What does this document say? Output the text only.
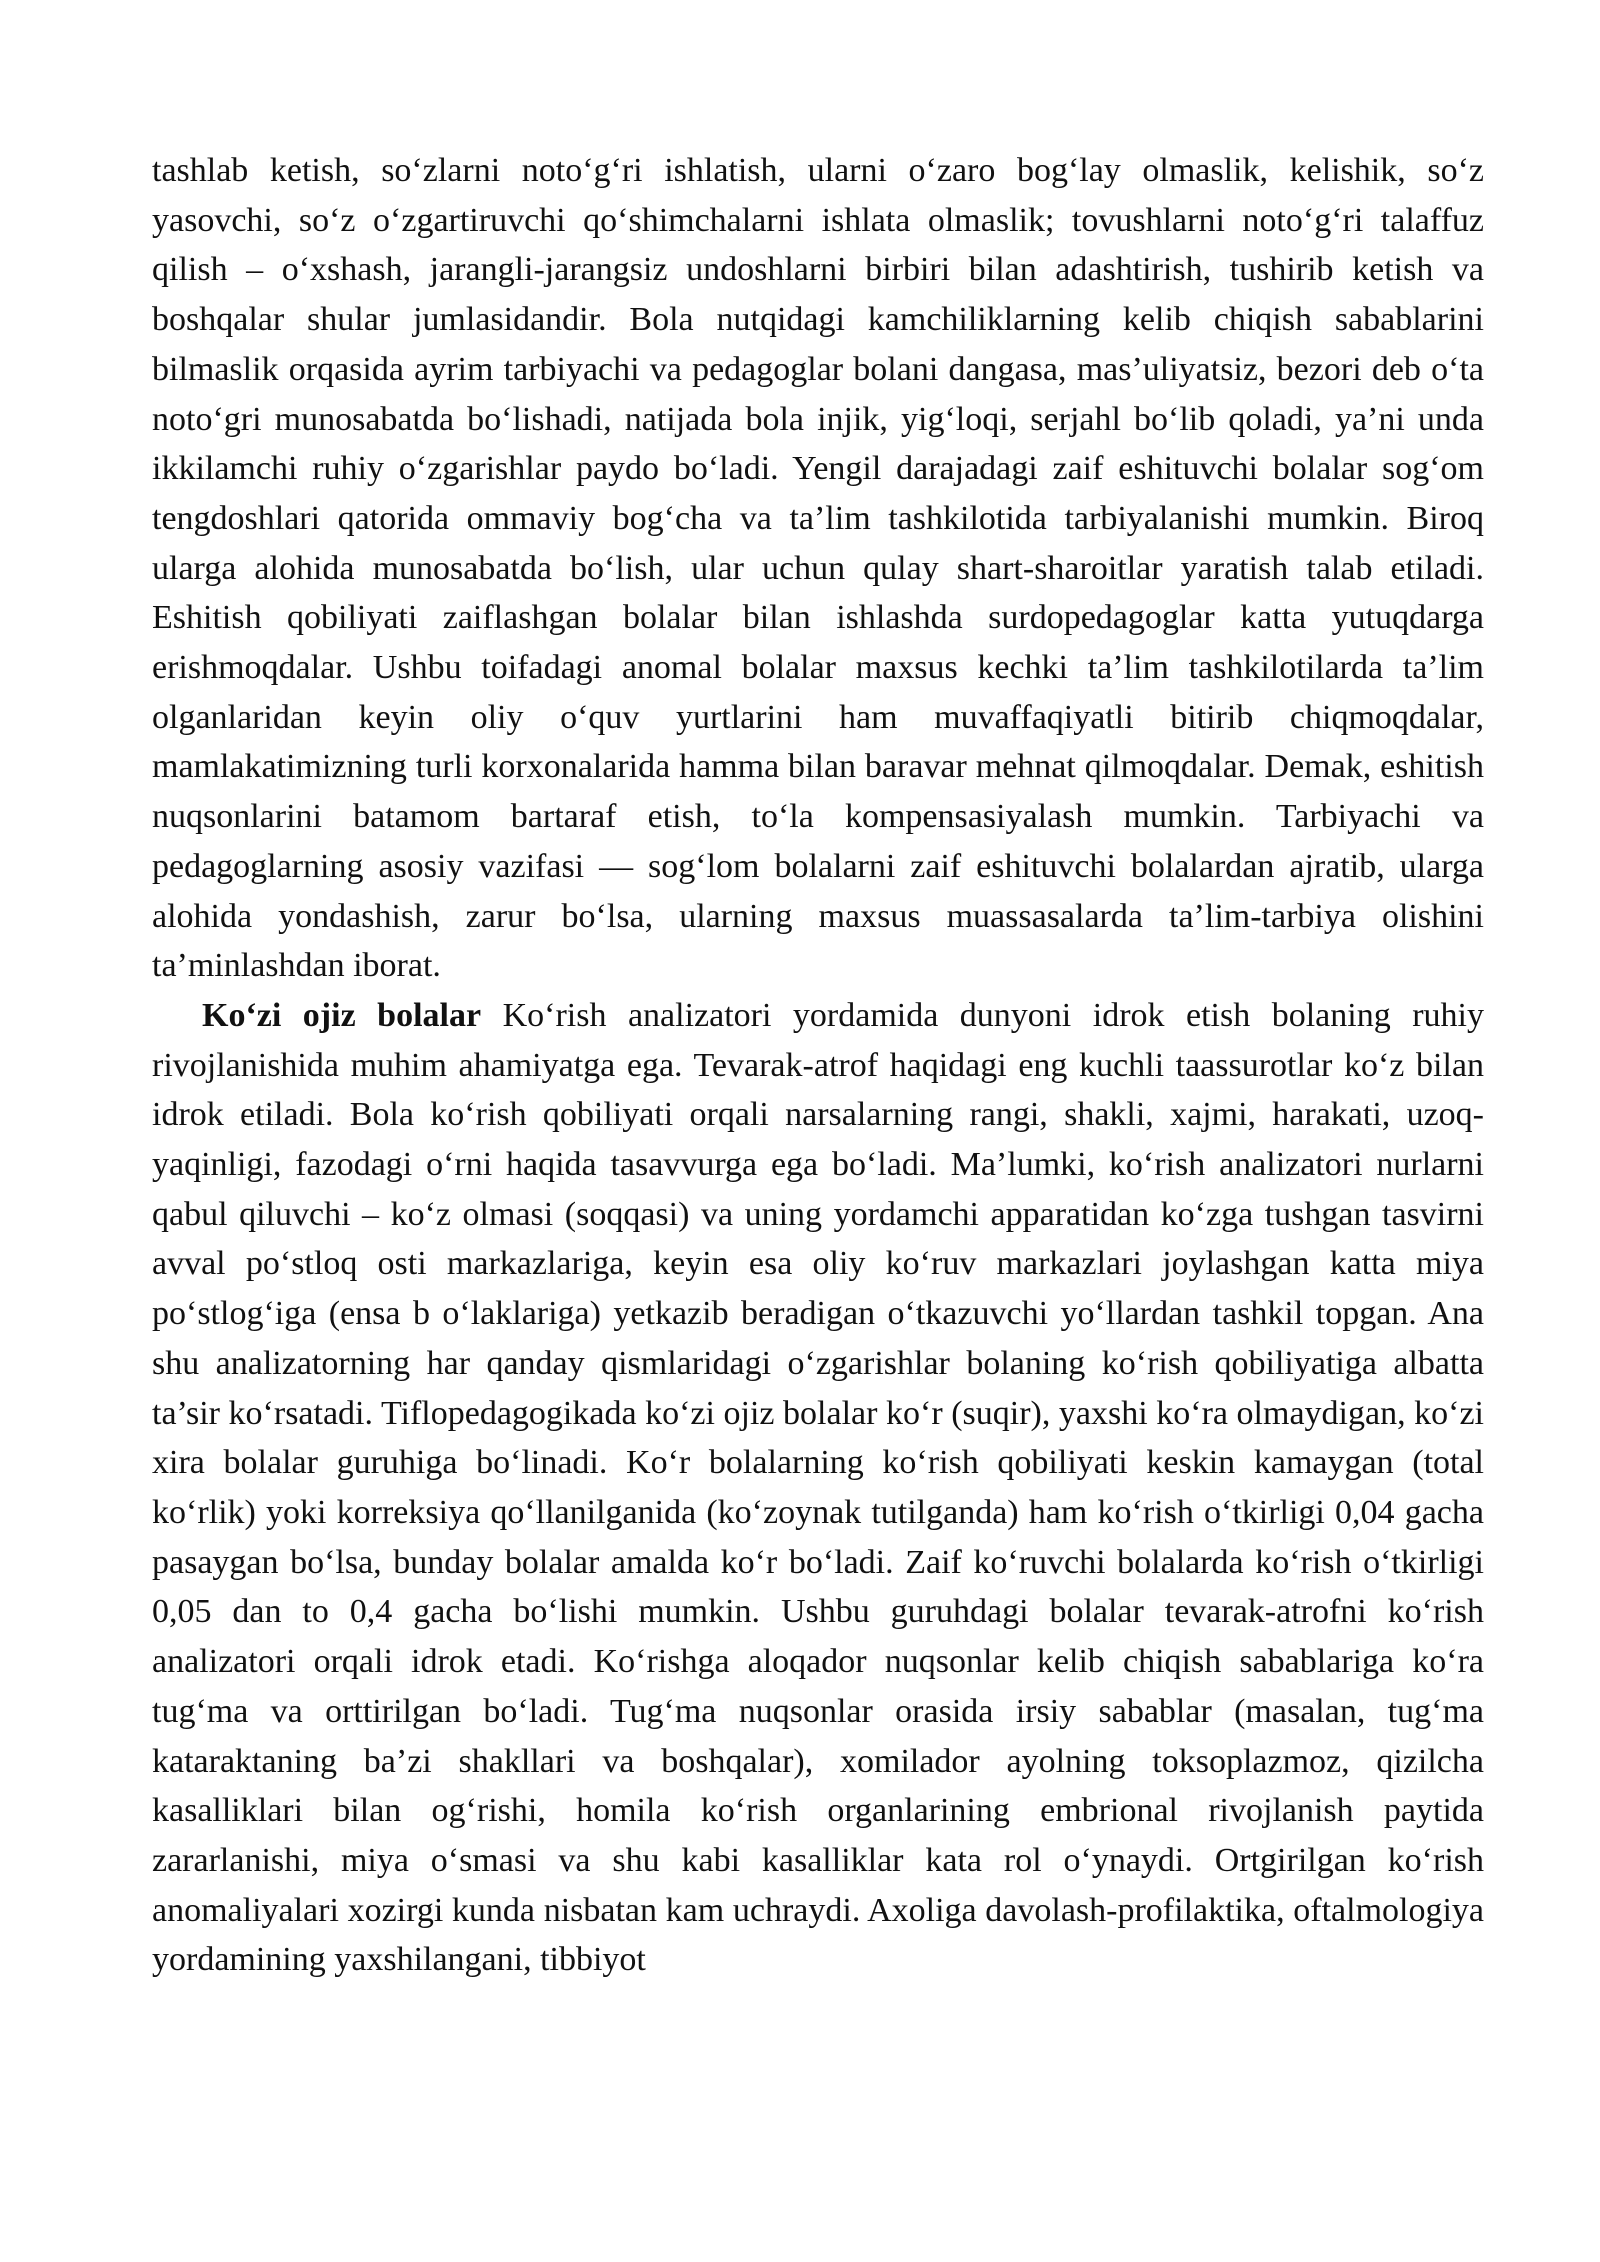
tashlab ketish, so‘zlarni noto‘g‘ri ishlatish, ularni o‘zaro bog‘lay olmaslik, kelishik, so‘z yasovchi, so‘z o‘zgartiruvchi qo‘shimchalarni ishlata olmaslik; tovushlarni noto‘g‘ri talaffuz qilish – o‘xshash, jarangli-jarangsiz undoshlarni birbiri bilan adashtirish, tushirib ketish va boshqalar shular jumlasidandir. Bola nutqidagi kamchiliklarning kelib chiqish sabablarini bilmaslik orqasida ayrim tarbiyachi va pedagoglar bolani dangasa, mas’uliyatsiz, bezori deb o‘ta noto‘gri munosabatda bo‘lishadi, natijada bola injik, yig‘loqi, serjahl bo‘lib qoladi, ya’ni unda ikkilamchi ruhiy o‘zgarishlar paydo bo‘ladi. Yengil darajadagi zaif eshituvchi bolalar sog‘om tengdoshlari qatorida ommaviy bog‘cha va ta’lim tashkilotida tarbiyalanishi mumkin. Biroq ularga alohida munosabatda bo‘lish, ular uchun qulay shart-sharoitlar yaratish talab etiladi. Eshitish qobiliyati zaiflashgan bolalar bilan ishlashda surdopedagoglar katta yutuqdarga erishmoqdalar. Ushbu toifadagi anomal bolalar maxsus kechki ta’lim tashkilotilarda ta’lim olganlaridan keyin oliy o‘quv yurtlarini ham muvaffaqiyatli bitirib chiqmoqdalar, mamlakatimizning turli korxonalarida hamma bilan baravar mehnat qilmoqdalar. Demak, eshitish nuqsonlarini batamom bartaraf etish, to‘la kompensasiyalash mumkin. Tarbiyachi va pedagoglarning asosiy vazifasi — sog‘lom bolalarni zaif eshituvchi bolalardan ajratib, ularga alohida yondashish, zarur bo‘lsa, ularning maxsus muassasalarda ta’lim-tarbiya olishini ta’minlashdan iborat.

Ko‘zi ojiz bolalar Ko‘rish analizatori yordamida dunyoni idrok etish bolaning ruhiy rivojlanishida muhim ahamiyatga ega. Tevarak-atrof haqidagi eng kuchli taassurotlar ko‘z bilan idrok etiladi. Bola ko‘rish qobiliyati orqali narsalarning rangi, shakli, xajmi, harakati, uzoq-yaqinligi, fazodagi o‘rni haqida tasavvurga ega bo‘ladi. Ma’lumki, ko‘rish analizatori nurlarni qabul qiluvchi – ko‘z olmasi (soqqasi) va uning yordamchi apparatidan ko‘zga tushgan tasvirni avval po‘stloq osti markazlariga, keyin esa oliy ko‘ruv markazlari joylashgan katta miya po‘stlog‘iga (ensa b o‘laklariga) yetkazib beradigan o‘tkazuvchi yo‘llardan tashkil topgan. Ana shu analizatorning har qanday qismlaridagi o‘zgarishlar bolaning ko‘rish qobiliyatiga albatta ta’sir ko‘rsatadi. Tiflopedagogikada ko‘zi ojiz bolalar ko‘r (suqir), yaxshi ko‘ra olmaydigan, ko‘zi xira bolalar guruhiga bo‘linadi. Ko‘r bolalarning ko‘rish qobiliyati keskin kamaygan (total ko‘rlik) yoki korreksiya qo‘llanilganida (ko‘zoynak tutilganda) ham ko‘rish o‘tkirligi 0,04 gacha pasaygan bo‘lsa, bunday bolalar amalda ko‘r bo‘ladi. Zaif ko‘ruvchi bolalarda ko‘rish o‘tkirligi 0,05 dan to 0,4 gacha bo‘lishi mumkin. Ushbu guruhdagi bolalar tevarak-atrofni ko‘rish analizatori orqali idrok etadi. Ko‘rishga aloqador nuqsonlar kelib chiqish sabablariga ko‘ra tug‘ma va orttirilgan bo‘ladi. Tug‘ma nuqsonlar orasida irsiy sabablar (masalan, tug‘ma kataraktaning ba’zi shakllari va boshqalar), xomilador ayolning toksoplazmoz, qizilcha kasalliklari bilan og‘rishi, homila ko‘rish organlarining embrional rivojlanish paytida zararlanishi, miya o‘smasi va shu kabi kasalliklar kata rol o‘ynaydi. Ortgirilgan ko‘rish anomaliyalari xozirgi kunda nisbatan kam uchraydi. Axoliga davolash-profilaktika, oftalmologiya yordamining yaxshilangani, tibbiyot
